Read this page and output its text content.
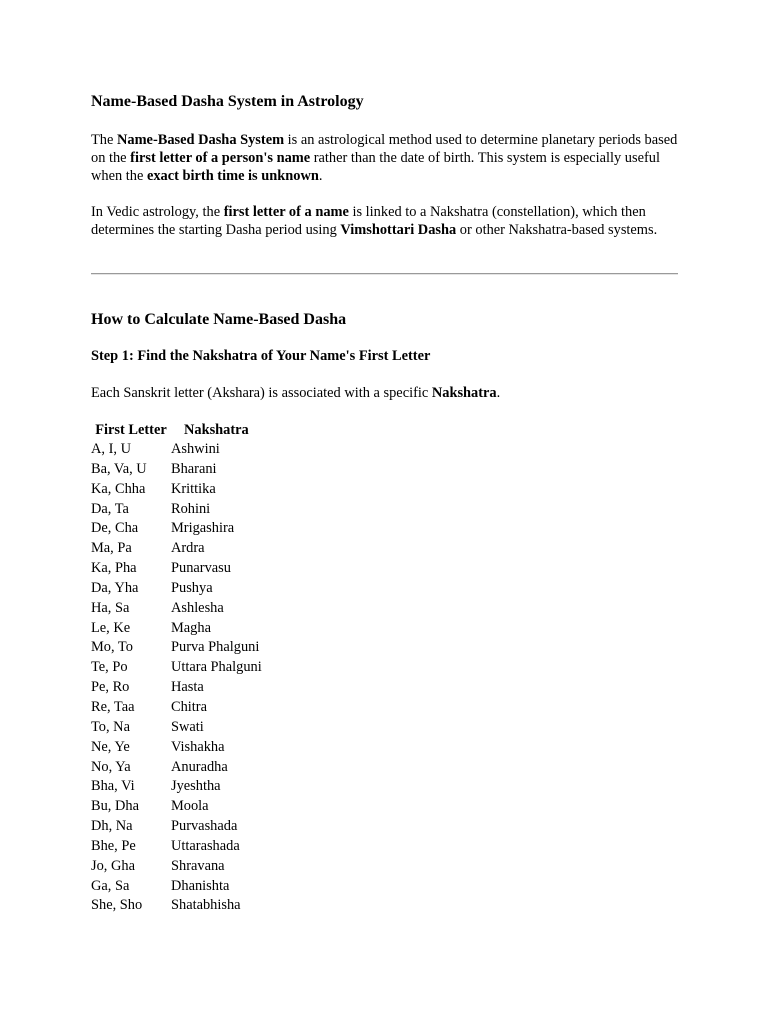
Name-Based Dasha System in Astrology

The Name-Based Dasha System is an astrological method used to determine planetary periods based on the first letter of a person's name rather than the date of birth. This system is especially useful when the exact birth time is unknown.

In Vedic astrology, the first letter of a name is linked to a Nakshatra (constellation), which then determines the starting Dasha period using Vimshottari Dasha or other Nakshatra-based systems.

How to Calculate Name-Based Dasha
Step 1: Find the Nakshatra of Your Name's First Letter

Each Sanskrit letter (Akshara) is associated with a specific Nakshatra.

First Letter	Nakshatra
A, I, U	Ashwini
Ba, Va, U	Bharani
Ka, Chha	Krittika
Da, Ta	Rohini
De, Cha	Mrigashira
Ma, Pa	Ardra
Ka, Pha	Punarvasu
Da, Yha	Pushya
Ha, Sa	Ashlesha
Le, Ke	Magha
Mo, To	Purva Phalguni
Te, Po	Uttara Phalguni
Pe, Ro	Hasta
Re, Taa	Chitra
To, Na	Swati
Ne, Ye	Vishakha
No, Ya	Anuradha
Bha, Vi	Jyeshtha
Bu, Dha	Moola
Dh, Na	Purvashada
Bhe, Pe	Uttarashada
Jo, Gha	Shravana
Ga, Sa	Dhanishta
She, Sho	Shatabhisha
